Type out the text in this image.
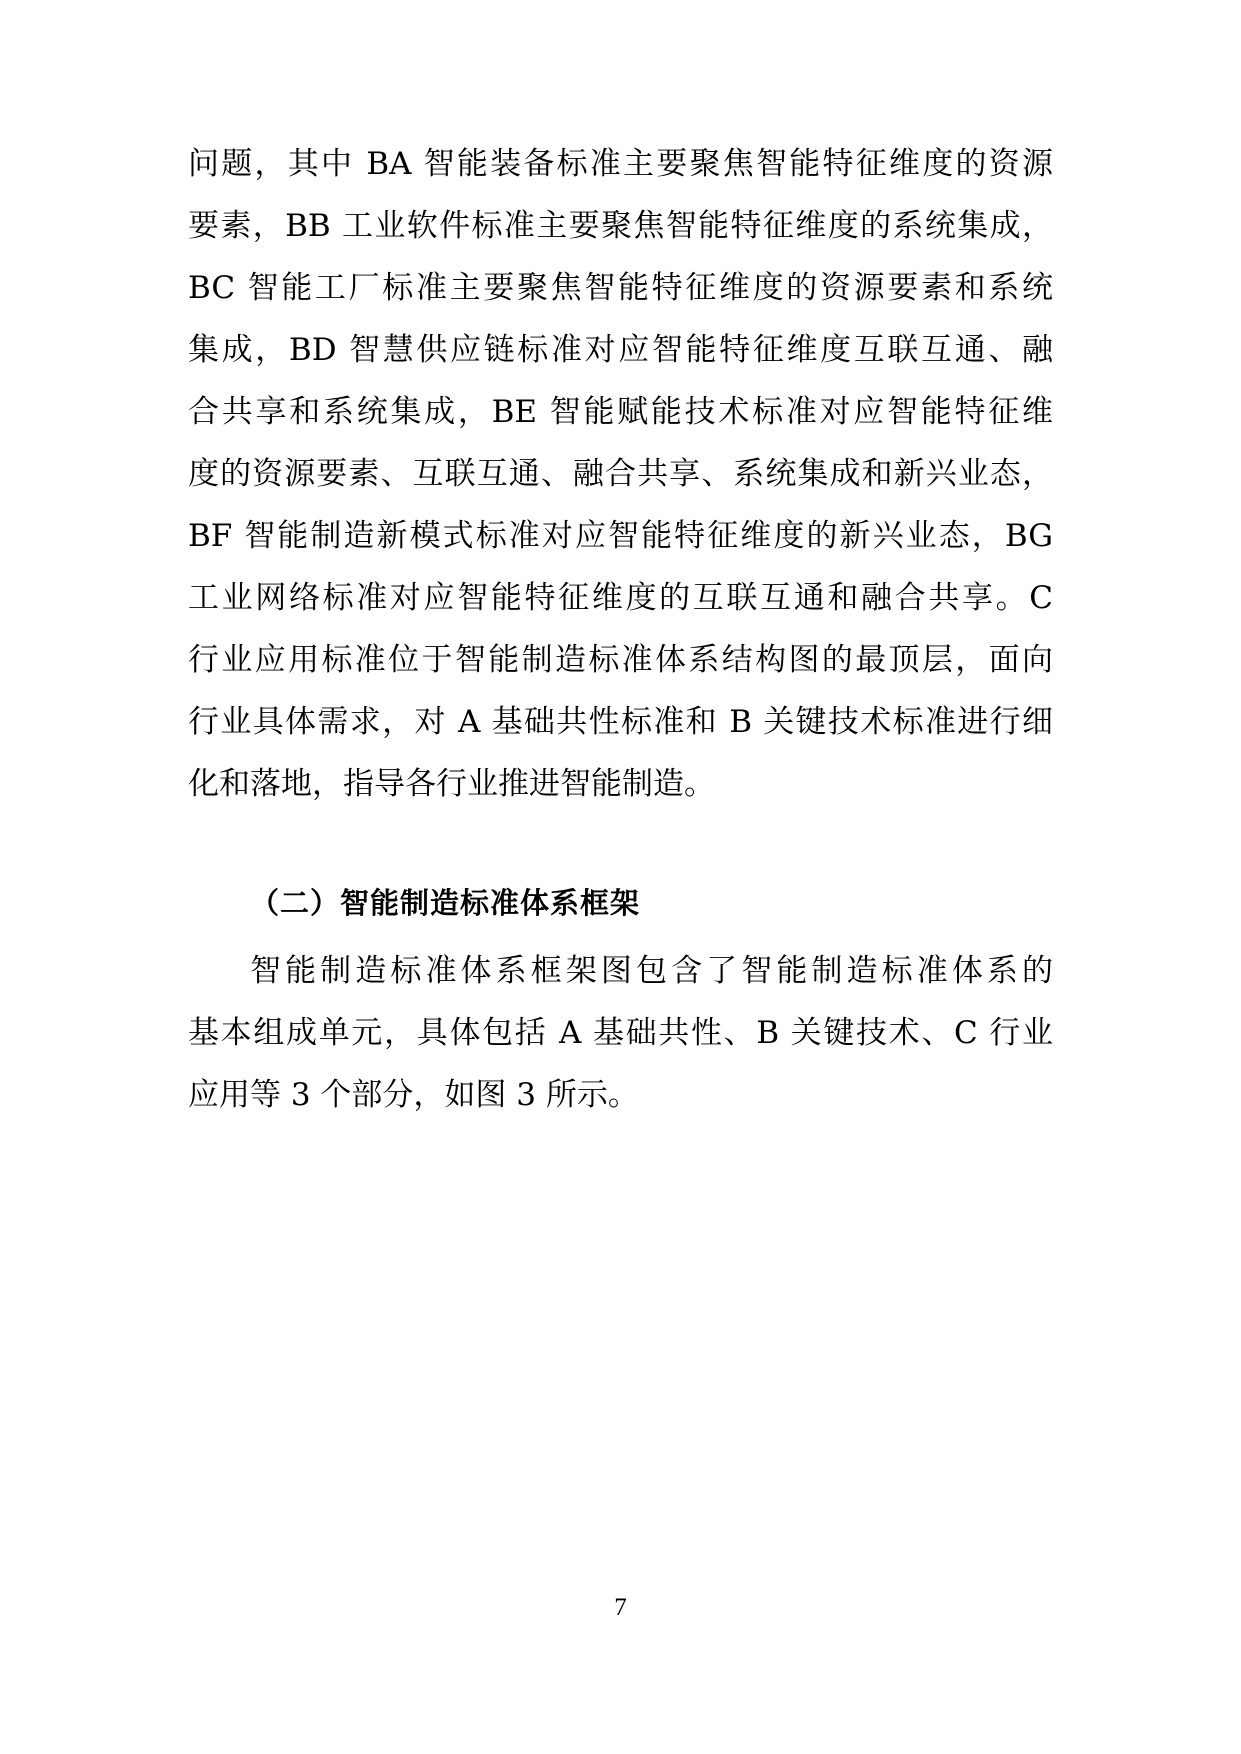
问题，其中 BA 智能装备标准主要聚焦智能特征维度的资源
要素，BB 工业软件标准主要聚焦智能特征维度的系统集成，
BC 智能工厂标准主要聚焦智能特征维度的资源要素和系统
集成，BD 智慧供应链标准对应智能特征维度互联互通、融
合共享和系统集成，BE 智能赋能技术标准对应智能特征维
度的资源要素、互联互通、融合共享、系统集成和新兴业态，
BF 智能制造新模式标准对应智能特征维度的新兴业态，BG
工业网络标准对应智能特征维度的互联互通和融合共享。C
行业应用标准位于智能制造标准体系结构图的最顶层，面向
行业具体需求，对 A 基础共性标准和 B 关键技术标准进行细
化和落地，指导各行业推进智能制造。
（二）智能制造标准体系框架
智能制造标准体系框架图包含了智能制造标准体系的
基本组成单元，具体包括 A 基础共性、B 关键技术、C 行业
应用等 3 个部分，如图 3 所示。
7
